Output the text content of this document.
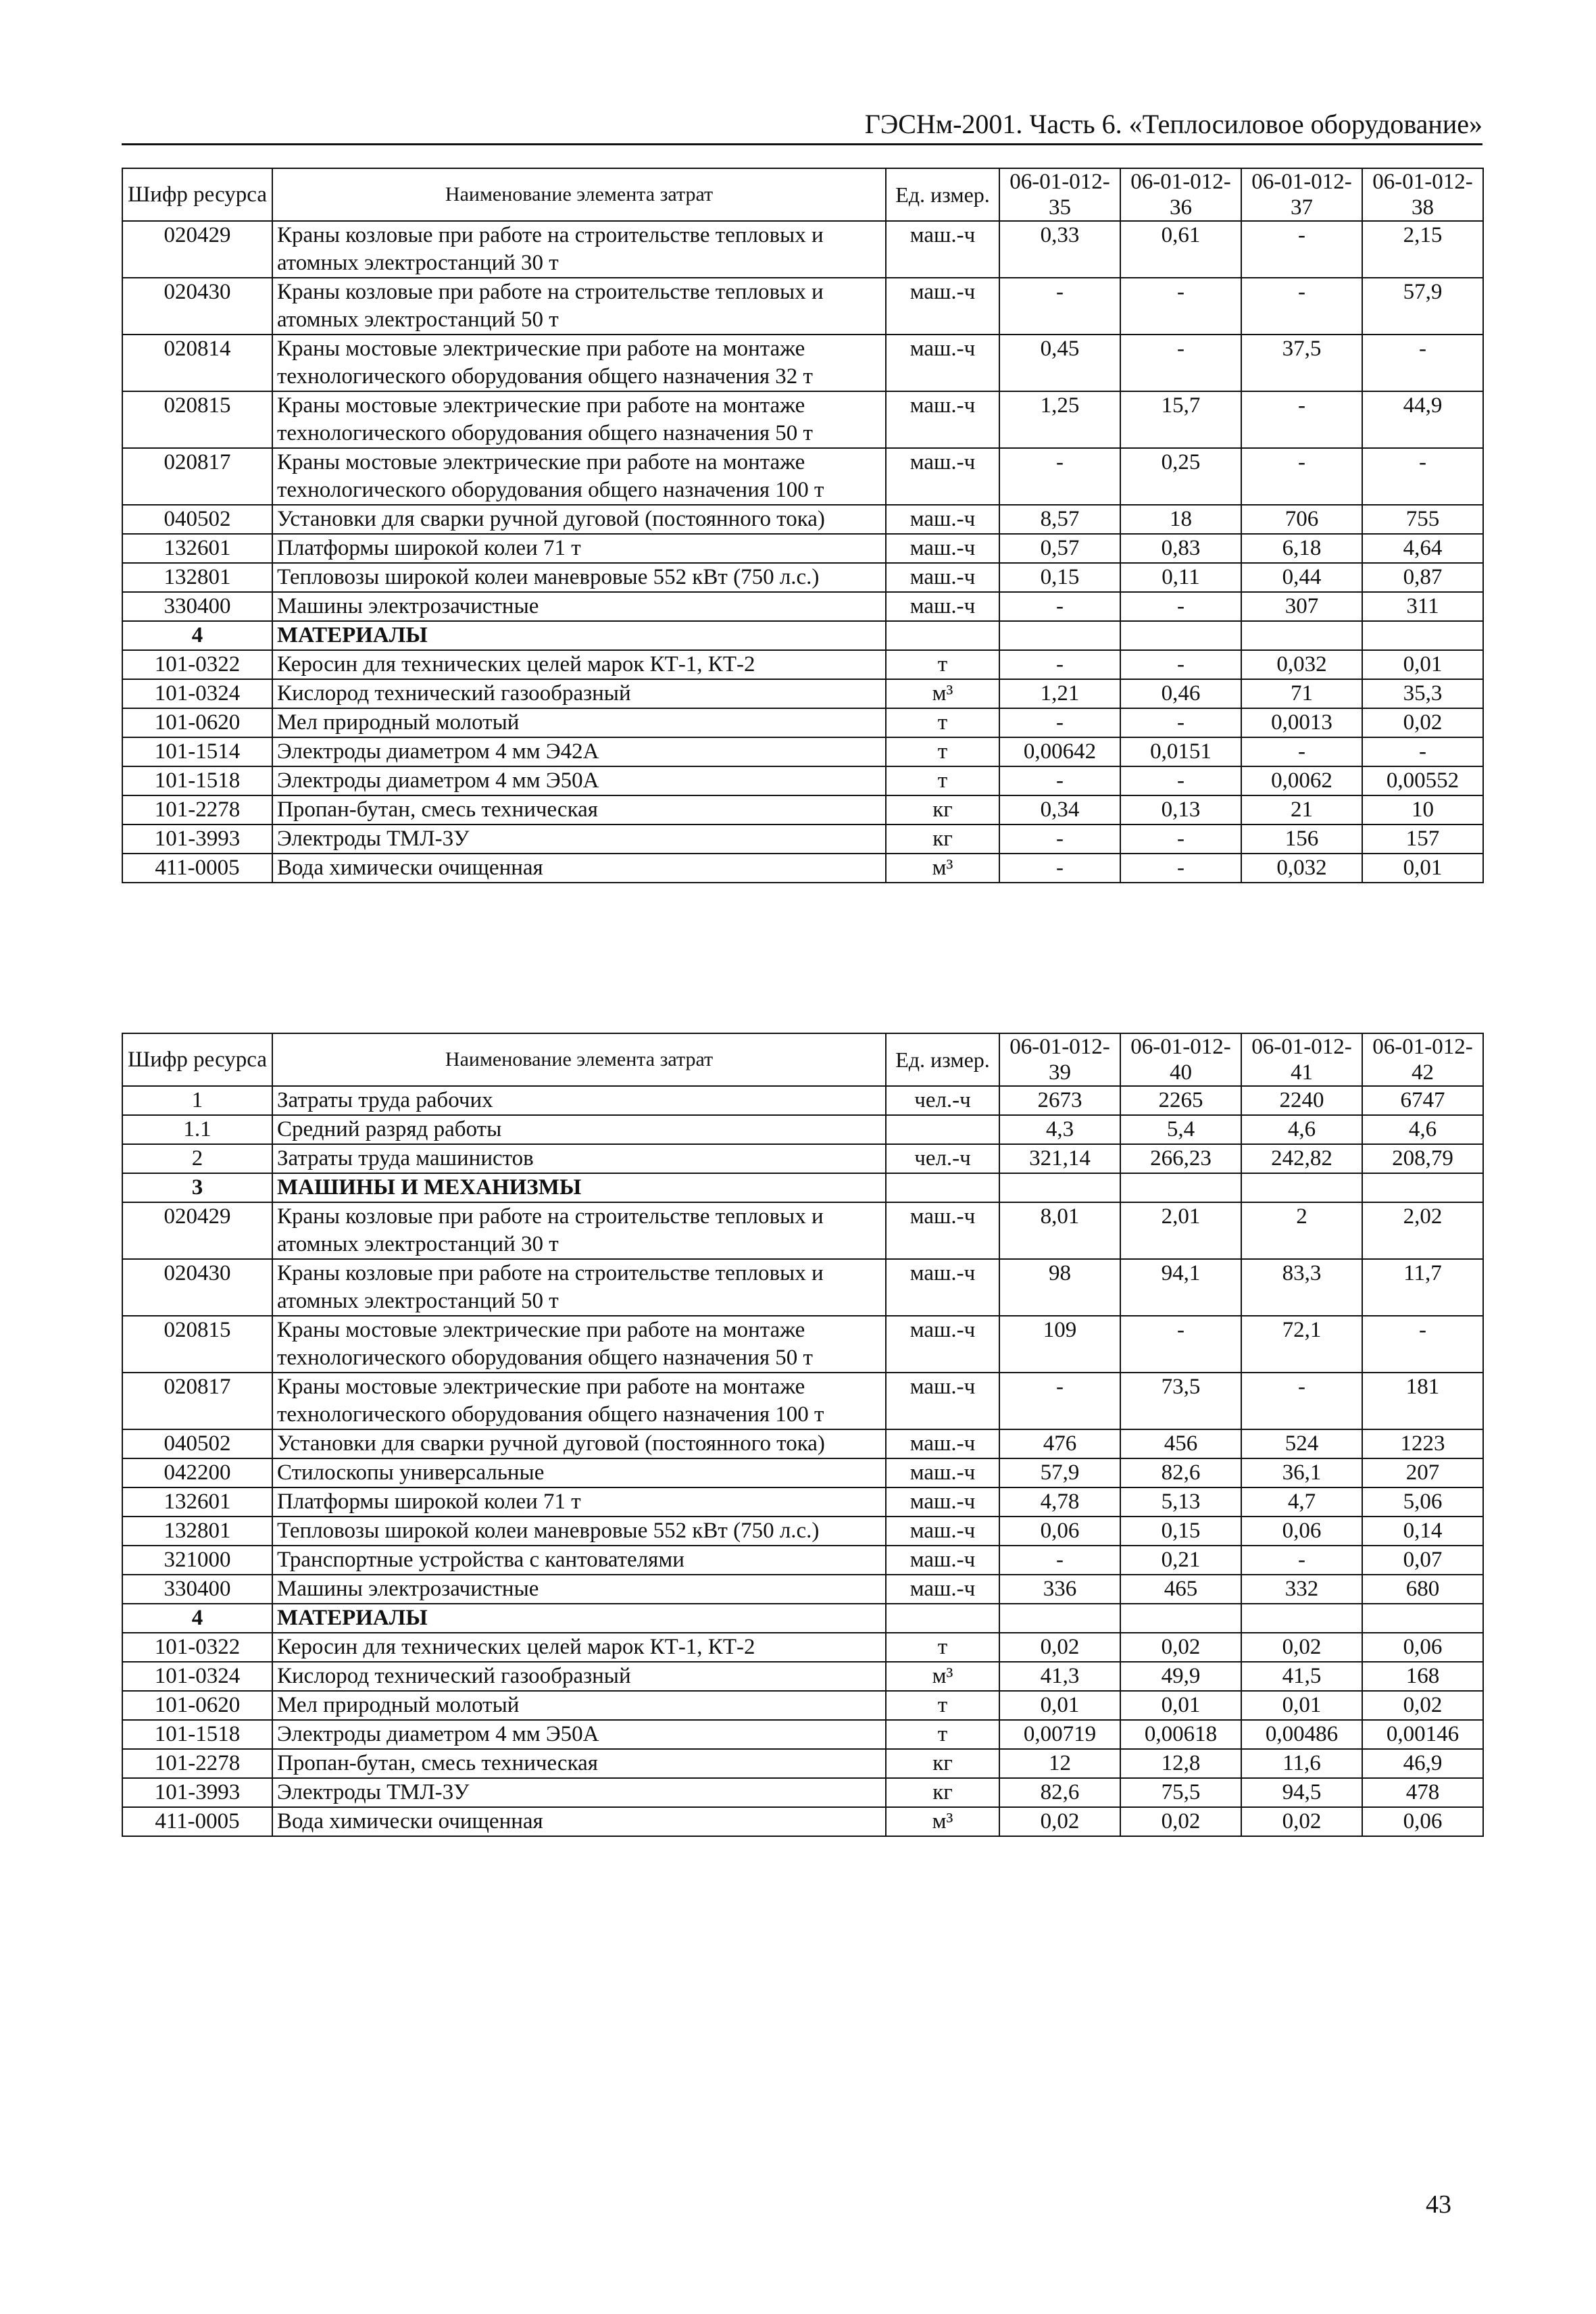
ГЭСНм-2001. Часть 6. «Теплосиловое оборудование»
Шифр ресурса	Наименование элемента затрат	Ед. измер.	06-01-012-35	06-01-012-36	06-01-012-37	06-01-012-38
020429	Краны козловые при работе на строительстве тепловых и атомных электростанций 30 т	маш.-ч	0,33	0,61	-	2,15
020430	Краны козловые при работе на строительстве тепловых и атомных электростанций 50 т	маш.-ч	-	-	-	57,9
020814	Краны мостовые электрические при работе на монтаже технологического оборудования общего назначения 32 т	маш.-ч	0,45	-	37,5	-
020815	Краны мостовые электрические при работе на монтаже технологического оборудования общего назначения 50 т	маш.-ч	1,25	15,7	-	44,9
020817	Краны мостовые электрические при работе на монтаже технологического оборудования общего назначения 100 т	маш.-ч	-	0,25	-	-
040502	Установки для сварки ручной дуговой (постоянного тока)	маш.-ч	8,57	18	706	755
132601	Платформы широкой колеи 71 т	маш.-ч	0,57	0,83	6,18	4,64
132801	Тепловозы широкой колеи маневровые 552 кВт (750 л.с.)	маш.-ч	0,15	0,11	0,44	0,87
330400	Машины электрозачистные	маш.-ч	-	-	307	311
4	МАТЕРИАЛЫ					
101-0322	Керосин для технических целей марок КТ-1, КТ-2	т	-	-	0,032	0,01
101-0324	Кислород технический газообразный	м³	1,21	0,46	71	35,3
101-0620	Мел природный молотый	т	-	-	0,0013	0,02
101-1514	Электроды диаметром 4 мм Э42А	т	0,00642	0,0151	-	-
101-1518	Электроды диаметром 4 мм Э50А	т	-	-	0,0062	0,00552
101-2278	Пропан-бутан, смесь техническая	кг	0,34	0,13	21	10
101-3993	Электроды ТМЛ-3У	кг	-	-	156	157
411-0005	Вода химически очищенная	м³	-	-	0,032	0,01
Шифр ресурса	Наименование элемента затрат	Ед. измер.	06-01-012-39	06-01-012-40	06-01-012-41	06-01-012-42
1	Затраты труда рабочих	чел.-ч	2673	2265	2240	6747
1.1	Средний разряд работы		4,3	5,4	4,6	4,6
2	Затраты труда машинистов	чел.-ч	321,14	266,23	242,82	208,79
3	МАШИНЫ И МЕХАНИЗМЫ					
020429	Краны козловые при работе на строительстве тепловых и атомных электростанций 30 т	маш.-ч	8,01	2,01	2	2,02
020430	Краны козловые при работе на строительстве тепловых и атомных электростанций 50 т	маш.-ч	98	94,1	83,3	11,7
020815	Краны мостовые электрические при работе на монтаже технологического оборудования общего назначения 50 т	маш.-ч	109	-	72,1	-
020817	Краны мостовые электрические при работе на монтаже технологического оборудования общего назначения 100 т	маш.-ч	-	73,5	-	181
040502	Установки для сварки ручной дуговой (постоянного тока)	маш.-ч	476	456	524	1223
042200	Стилоскопы универсальные	маш.-ч	57,9	82,6	36,1	207
132601	Платформы широкой колеи 71 т	маш.-ч	4,78	5,13	4,7	5,06
132801	Тепловозы широкой колеи маневровые 552 кВт (750 л.с.)	маш.-ч	0,06	0,15	0,06	0,14
321000	Транспортные устройства с кантователями	маш.-ч	-	0,21	-	0,07
330400	Машины электрозачистные	маш.-ч	336	465	332	680
4	МАТЕРИАЛЫ					
101-0322	Керосин для технических целей марок КТ-1, КТ-2	т	0,02	0,02	0,02	0,06
101-0324	Кислород технический газообразный	м³	41,3	49,9	41,5	168
101-0620	Мел природный молотый	т	0,01	0,01	0,01	0,02
101-1518	Электроды диаметром 4 мм Э50А	т	0,00719	0,00618	0,00486	0,00146
101-2278	Пропан-бутан, смесь техническая	кг	12	12,8	11,6	46,9
101-3993	Электроды ТМЛ-3У	кг	82,6	75,5	94,5	478
411-0005	Вода химически очищенная	м³	0,02	0,02	0,02	0,06
43
